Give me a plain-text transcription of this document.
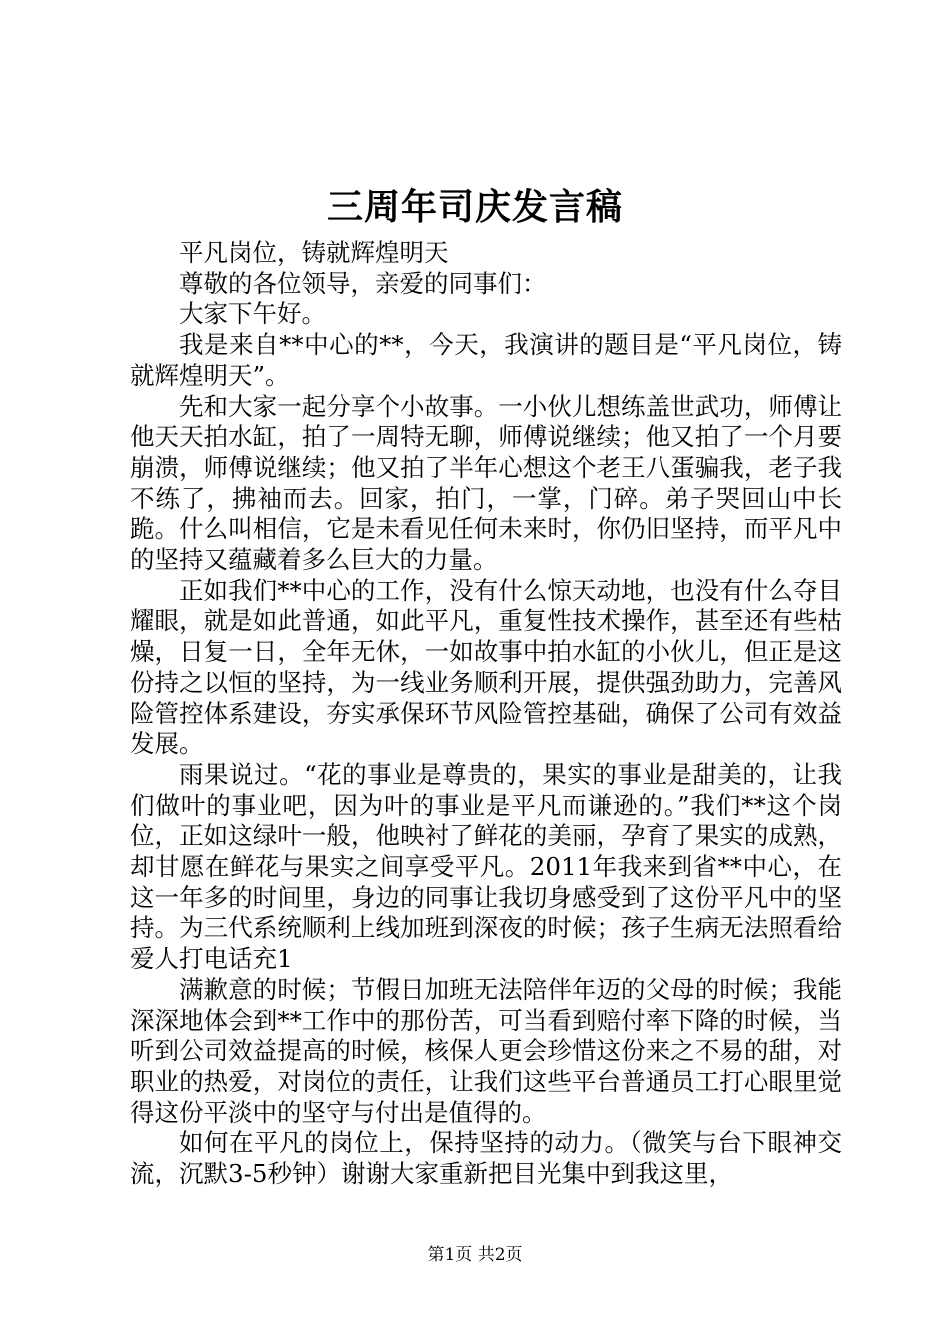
三周年司庆发言稿

平凡岗位，铸就辉煌明天

尊敬的各位领导，亲爱的同事们：

大家下午好。

我是来自**中心的**，今天，我演讲的题目是“平凡岗位，铸就辉煌明天”。

先和大家一起分享个小故事。一小伙儿想练盖世武功，师傅让他天天拍水缸，拍了一周特无聊，师傅说继续；他又拍了一个月要崩溃，师傅说继续；他又拍了半年心想这个老王八蛋骗我，老子我不练了，拂袖而去。回家，拍门，一掌，门碎。弟子哭回山中长跪。什么叫相信，它是未看见任何未来时，你仍旧坚持，而平凡中的坚持又蕴藏着多么巨大的力量。

正如我们**中心的工作，没有什么惊天动地，也没有什么夺目耀眼，就是如此普通，如此平凡，重复性技术操作，甚至还有些枯燥，日复一日，全年无休，一如故事中拍水缸的小伙儿，但正是这份持之以恒的坚持，为一线业务顺利开展，提供强劲助力，完善风险管控体系建设，夯实承保环节风险管控基础，确保了公司有效益发展。

雨果说过。“花的事业是尊贵的，果实的事业是甜美的，让我们做叶的事业吧，因为叶的事业是平凡而谦逊的。”我们**这个岗位，正如这绿叶一般，他映衬了鲜花的美丽，孕育了果实的成熟，却甘愿在鲜花与果实之间享受平凡。2011年我来到省**中心，在这一年多的时间里，身边的同事让我切身感受到了这份平凡中的坚持。为三代系统顺利上线加班到深夜的时候；孩子生病无法照看给爱人打电话充1

满歉意的时候；节假日加班无法陪伴年迈的父母的时候；我能深深地体会到**工作中的那份苦，可当看到赔付率下降的时候，当听到公司效益提高的时候，核保人更会珍惜这份来之不易的甜，对职业的热爱，对岗位的责任，让我们这些平台普通员工打心眼里觉得这份平淡中的坚守与付出是值得的。

如何在平凡的岗位上，保持坚持的动力。（微笑与台下眼神交流，沉默3-5秒钟）谢谢大家重新把目光集中到我这里，

第1页 共2页
